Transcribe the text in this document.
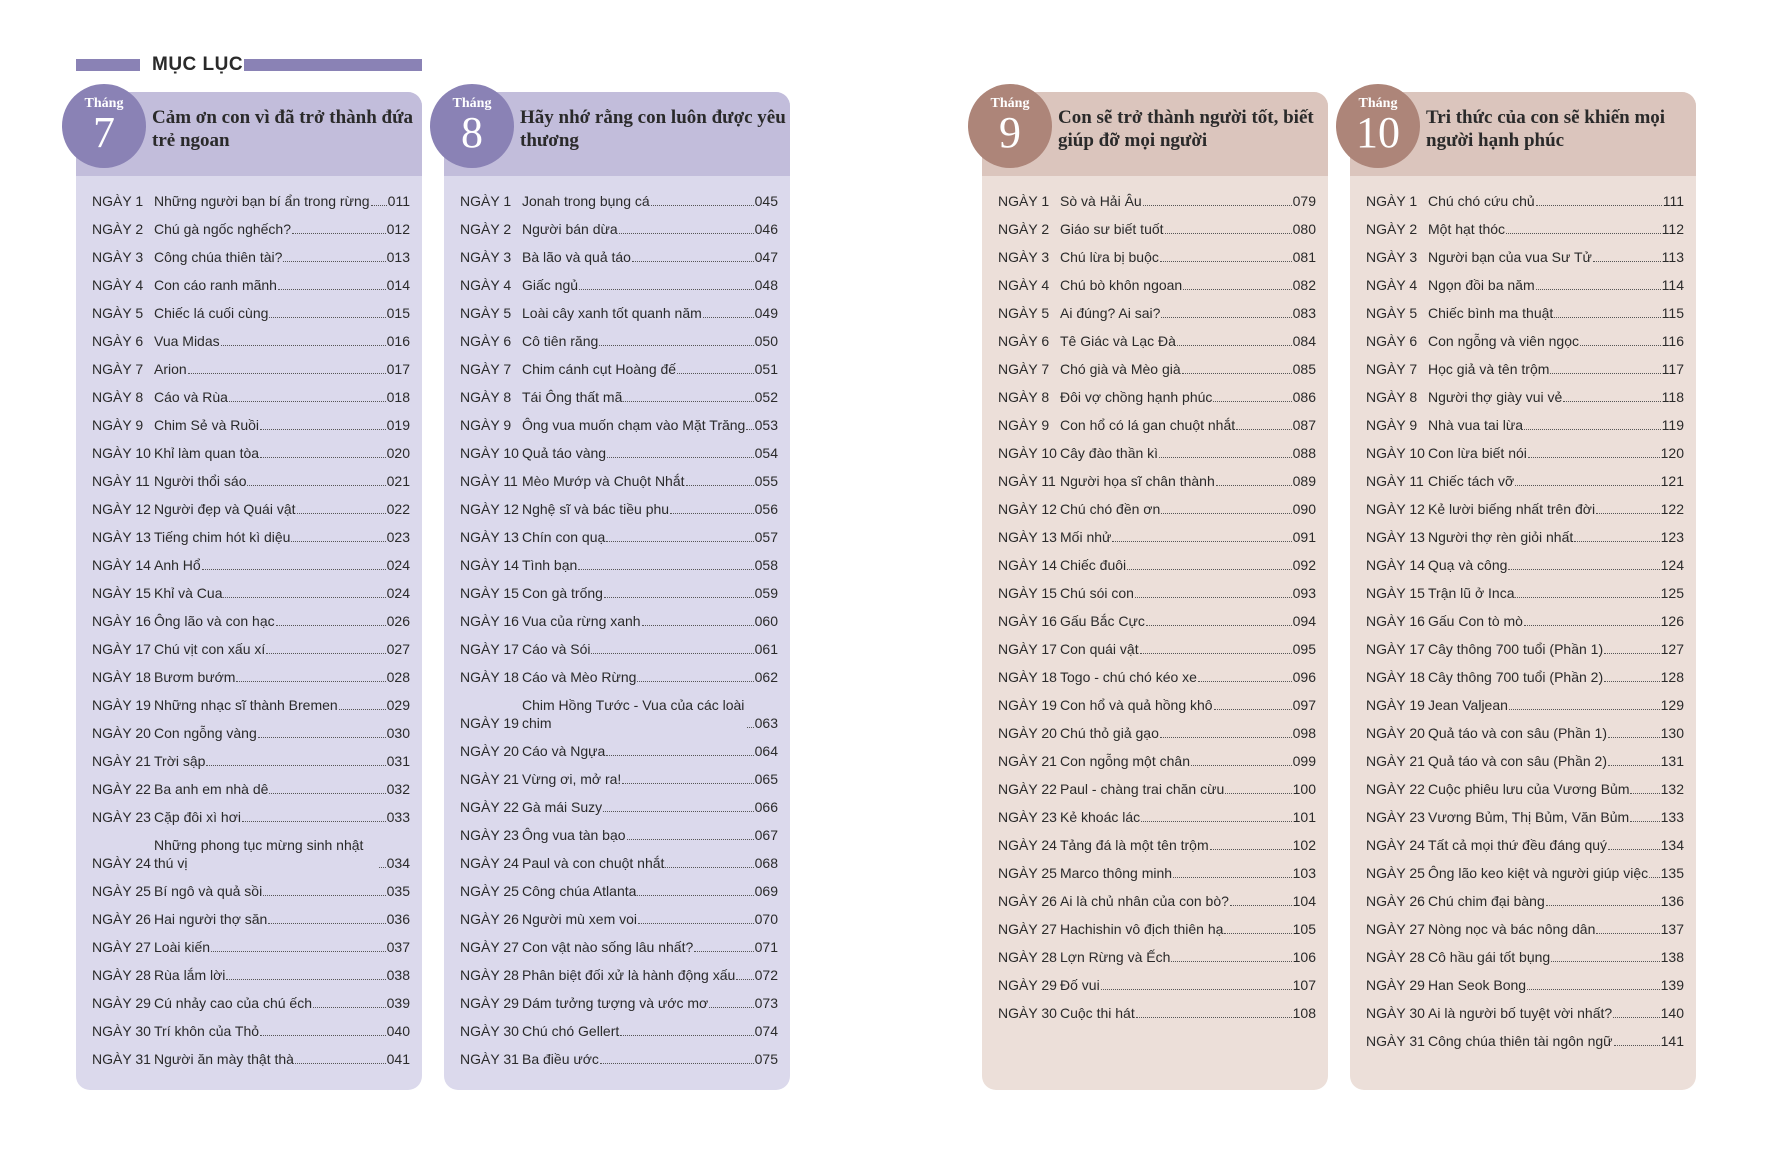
MỤC LỤC
Tháng
7	Cảm ơn con vì đã trở thành đứa trẻ ngoan
NGÀY 1 Những người bạn bí ẩn trong rừng 011
NGÀY 2 Chú gà ngốc nghếch?	012
NGÀY 3 Công chúa thiên tài?	013
NGÀY 4 Con cáo ranh mãnh	014
NGÀY 5 Chiếc lá cuối cùng	015
NGÀY 6 Vua Midas	016
NGÀY 7 Arion	017
NGÀY 8 Cáo và Rùa	018
NGÀY 9 Chim Sẻ và Ruồi	019
NGÀY 10 Khỉ làm quan tòa	020
NGÀY 11 Người thổi sáo	021
NGÀY 12 Người đẹp và Quái vật	022
NGÀY 13 Tiếng chim hót kì diệu	023
NGÀY 14 Anh Hổ	024
NGÀY 15 Khỉ và Cua	024
NGÀY 16 Ông lão và con hạc	026
NGÀY 17 Chú vịt con xấu xí	027
NGÀY 18 Bươm bướm	028
NGÀY 19 Những nhạc sĩ thành Bremen	029
NGÀY 20 Con ngỗng vàng	030
NGÀY 21 Trời sập	031
NGÀY 22 Ba anh em nhà dê	032
NGÀY 23 Cặp đôi xì hơi	033
NGÀY 24
Những phong tục mừng sinh nhật thú vị	034
NGÀY 25 Bí ngô và quả sồi	035
NGÀY 26 Hai người thợ săn	036
NGÀY 27 Loài kiến	037
NGÀY 28 Rùa lắm lời	038
NGÀY 29 Cú nhảy cao của chú ếch	039
NGÀY 30 Trí khôn của Thỏ	040
NGÀY 31 Người ăn mày thật thà	041
Tháng
8	Hãy nhớ rằng con luôn được yêu thương
NGÀY 1 Jonah trong bụng cá	045
NGÀY 2 Người bán dừa	046
NGÀY 3 Bà lão và quả táo	047
NGÀY 4 Giấc ngủ	048
NGÀY 5 Loài cây xanh tốt quanh năm	049
NGÀY 6 Cô tiên răng	050
NGÀY 7 Chim cánh cụt Hoàng đế	051
NGÀY 8 Tái Ông thất mã	052
NGÀY 9 Ông vua muốn chạm vào Mặt Trăng 053
NGÀY 10 Quả táo vàng	054
NGÀY 11 Mèo Mướp và Chuột Nhắt	055
NGÀY 12 Nghệ sĩ và bác tiều phu	056
NGÀY 13 Chín con quạ	057
NGÀY 14 Tình bạn	058
NGÀY 15 Con gà trống	059
NGÀY 16 Vua của rừng xanh	060
NGÀY 17 Cáo và Sói	061
NGÀY 18 Cáo và Mèo Rừng	062
NGÀY 19
Chim Hồng Tước - Vua của các loài chim	063
NGÀY 20 Cáo và Ngựa	064
NGÀY 21 Vừng ơi, mở ra!	065
NGÀY 22 Gà mái Suzy	066
NGÀY 23 Ông vua tàn bạo	067
NGÀY 24 Paul và con chuột nhắt	068
NGÀY 25 Công chúa Atlanta	069
NGÀY 26 Người mù xem voi	070
NGÀY 27 Con vật nào sống lâu nhất?	071
NGÀY 28 Phân biệt đối xử là hành động xấu 072
NGÀY 29 Dám tưởng tượng và ước mơ	073
NGÀY 30 Chú chó Gellert	074
NGÀY 31 Ba điều ước	075
Tháng
9	Con sẽ trở thành người tốt, biết giúp đỡ mọi người
NGÀY 1 Sò và Hải Âu	079
NGÀY 2 Giáo sư biết tuốt	080
NGÀY 3 Chú lừa bị buộc	081
NGÀY 4 Chú bò khôn ngoan	082
NGÀY 5 Ai đúng? Ai sai?	083
NGÀY 6 Tê Giác và Lạc Đà	084
NGÀY 7 Chó già và Mèo già	085
NGÀY 8 Đôi vợ chồng hạnh phúc	086
NGÀY 9 Con hổ có lá gan chuột nhắt	087
NGÀY 10 Cây đào thần kì	088
NGÀY 11 Người họa sĩ chân thành	089
NGÀY 12 Chú chó đền ơn	090
NGÀY 13 Mối nhử	091
NGÀY 14 Chiếc đuôi	092
NGÀY 15 Chú sói con	093
NGÀY 16 Gấu Bắc Cực	094
NGÀY 17 Con quái vật	095
NGÀY 18 Togo - chú chó kéo xe	096
NGÀY 19 Con hổ và quả hồng khô	097
NGÀY 20 Chú thỏ giả gạo	098
NGÀY 21 Con ngỗng một chân	099
NGÀY 22 Paul - chàng trai chăn cừu	100
NGÀY 23 Kẻ khoác lác	101
NGÀY 24 Tảng đá là một tên trộm	102
NGÀY 25 Marco thông minh	103
NGÀY 26 Ai là chủ nhân của con bò?	104
NGÀY 27 Hachishin vô địch thiên hạ	105
NGÀY 28 Lợn Rừng và Ếch	106
NGÀY 29 Đố vui	107
NGÀY 30 Cuộc thi hát	108
Tháng
10	Tri thức của con sẽ khiến mọi người hạnh phúc
NGÀY 1 Chú chó cứu chủ	111
NGÀY 2 Một hạt thóc	112
NGÀY 3 Người bạn của vua Sư Tử	113
NGÀY 4 Ngọn đồi ba năm	114
NGÀY 5 Chiếc bình ma thuật	115
NGÀY 6 Con ngỗng và viên ngọc	116
NGÀY 7 Học giả và tên trộm	117
NGÀY 8 Người thợ giày vui vẻ	118
NGÀY 9 Nhà vua tai lừa	119
NGÀY 10 Con lừa biết nói	120
NGÀY 11 Chiếc tách vỡ	121
NGÀY 12 Kẻ lười biếng nhất trên đời	122
NGÀY 13 Người thợ rèn giỏi nhất	123
NGÀY 14 Quạ và công	124
NGÀY 15 Trận lũ ở Inca	125
NGÀY 16 Gấu Con tò mò	126
NGÀY 17 Cây thông 700 tuổi (Phần 1)	127
NGÀY 18 Cây thông 700 tuổi (Phần 2)	128
NGÀY 19 Jean Valjean	129
NGÀY 20 Quả táo và con sâu (Phần 1)	130
NGÀY 21 Quả táo và con sâu (Phần 2)	131
NGÀY 22 Cuộc phiêu lưu của Vương Bủm 132
NGÀY 23 Vương Bủm, Thị Bủm, Văn Bủm 133
NGÀY 24 Tất cả mọi thứ đều đáng quý	134
NGÀY 25 Ông lão keo kiệt và người giúp việc 135
NGÀY 26 Chú chim đại bàng	136
NGÀY 27 Nòng nọc và bác nông dân	137
NGÀY 28 Cô hầu gái tốt bụng	138
NGÀY 29 Han Seok Bong	139
NGÀY 30 Ai là người bố tuyệt vời nhất?	140
NGÀY 31 Công chúa thiên tài ngôn ngữ	141
